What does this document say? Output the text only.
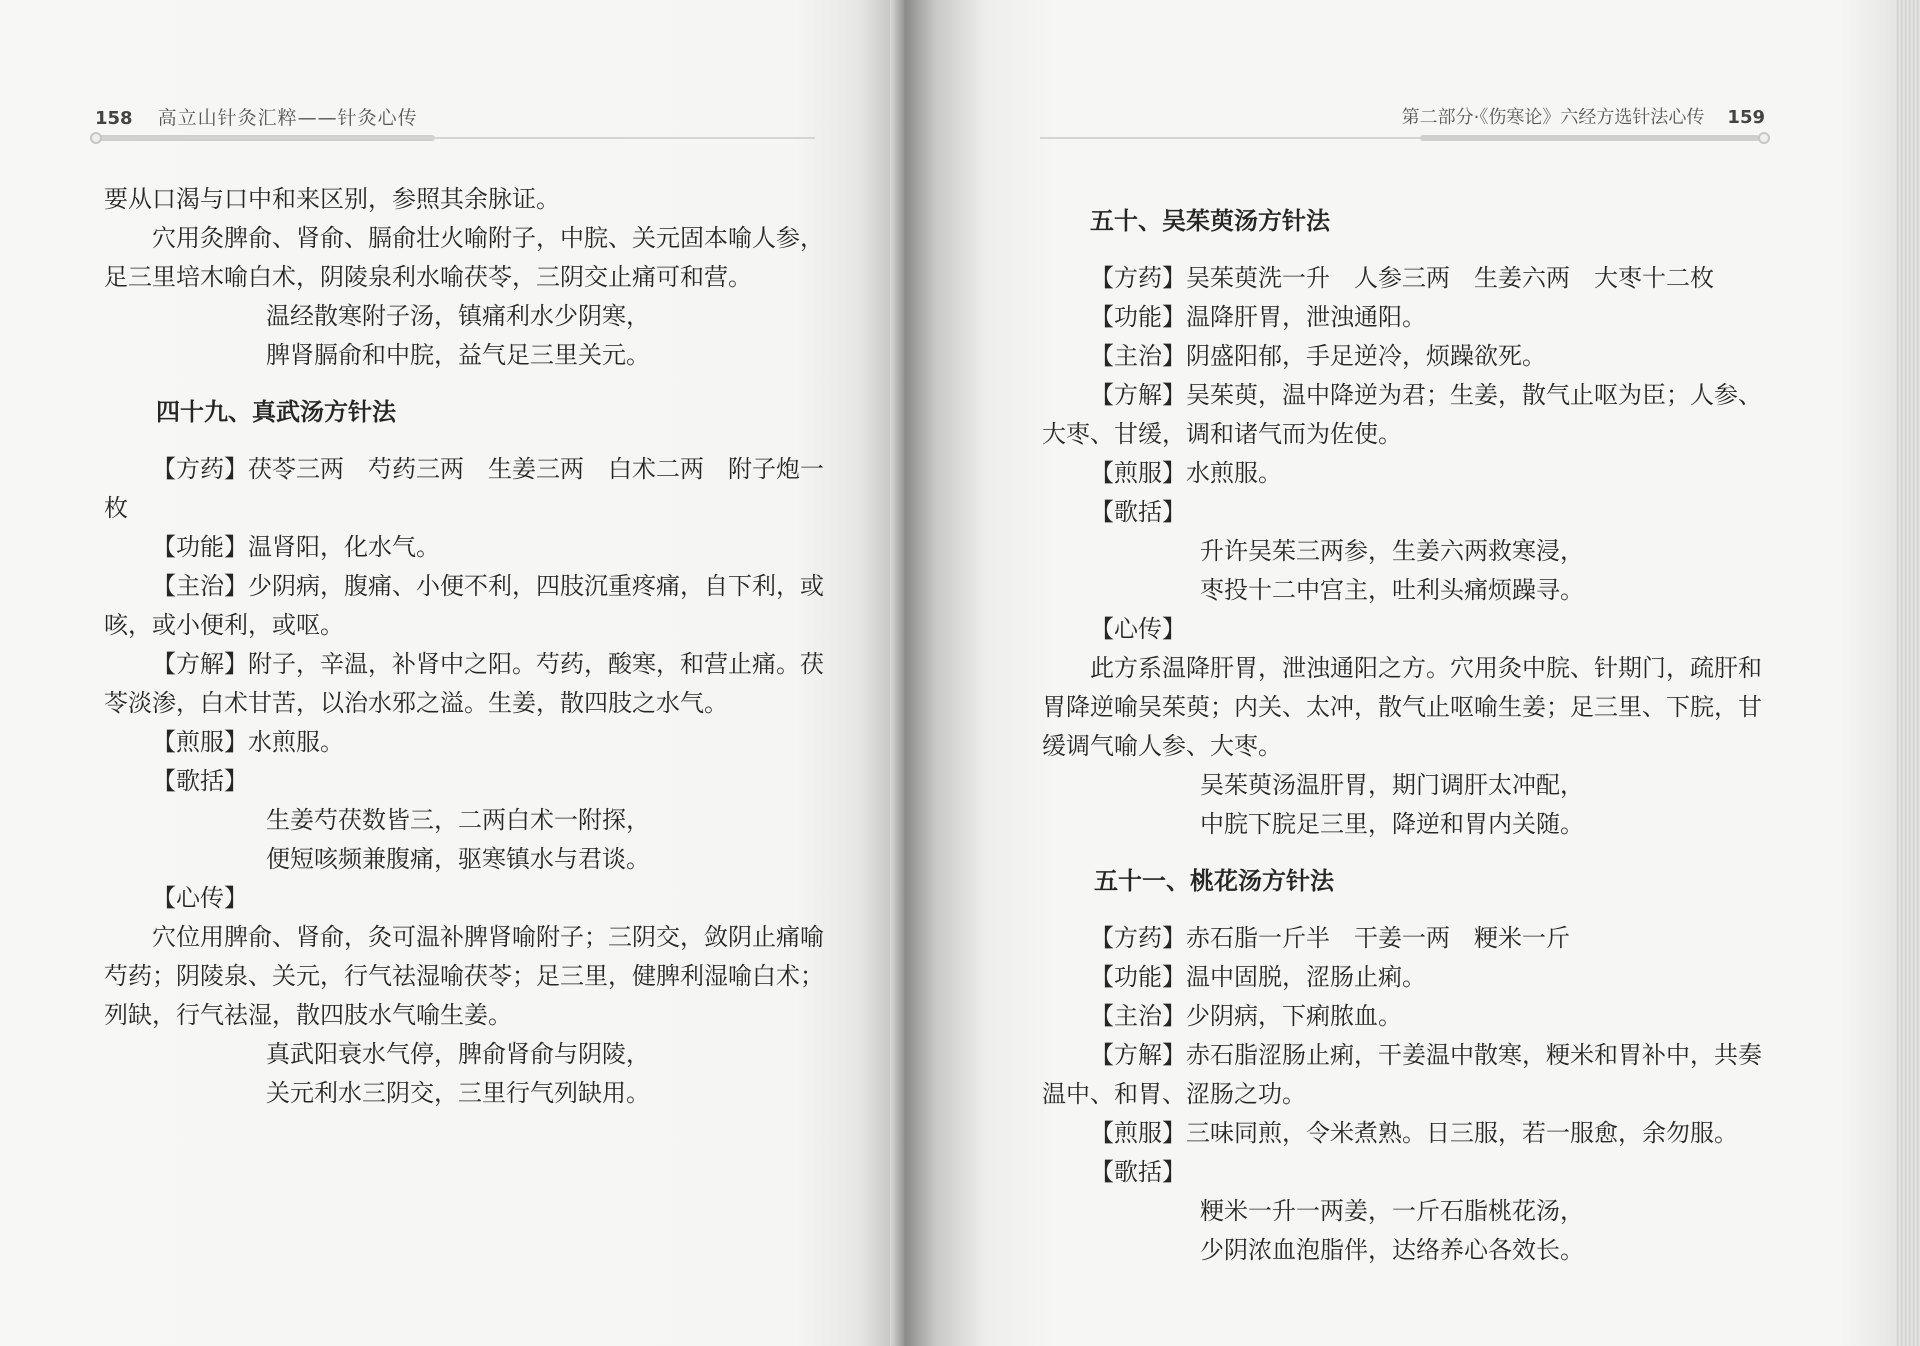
158 高立山针灸汇粹——针灸心传

要从口渴与口中和来区别，参照其余脉证。

穴用灸脾俞、肾俞、膈俞壮火喻附子，中脘、关元固本喻人参，足三里培木喻白术，阴陵泉利水喻茯苓，三阴交止痛可和营。

温经散寒附子汤，镇痛利水少阴寒，

脾肾膈俞和中脘，益气足三里关元。

四十九、真武汤方针法

【方药】茯苓三两　芍药三两　生姜三两　白术二两　附子炮一枚

【功能】温肾阳，化水气。

【主治】少阴病，腹痛、小便不利，四肢沉重疼痛，自下利，或咳，或小便利，或呕。

【方解】附子，辛温，补肾中之阳。芍药，酸寒，和营止痛。茯苓淡渗，白术甘苦，以治水邪之溢。生姜，散四肢之水气。

【煎服】水煎服。

【歌括】

生姜芍茯数皆三，二两白术一附探，

便短咳频兼腹痛，驱寒镇水与君谈。

【心传】

穴位用脾俞、肾俞，灸可温补脾肾喻附子；三阴交，敛阴止痛喻芍药；阴陵泉、关元，行气祛湿喻茯苓；足三里，健脾利湿喻白术；列缺，行气祛湿，散四肢水气喻生姜。

真武阳衰水气停，脾俞肾俞与阴陵，

关元利水三阴交，三里行气列缺用。

第二部分·《伤寒论》六经方选针法心传 159

五十、吴茱萸汤方针法

【方药】吴茱萸洗一升　人参三两　生姜六两　大枣十二枚

【功能】温降肝胃，泄浊通阳。

【主治】阴盛阳郁，手足逆冷，烦躁欲死。

【方解】吴茱萸，温中降逆为君；生姜，散气止呕为臣；人参、大枣、甘缓，调和诸气而为佐使。

【煎服】水煎服。

【歌括】

升许吴茱三两参，生姜六两救寒浸，

枣投十二中宫主，吐利头痛烦躁寻。

【心传】

此方系温降肝胃，泄浊通阳之方。穴用灸中脘、针期门，疏肝和胃降逆喻吴茱萸；内关、太冲，散气止呕喻生姜；足三里、下脘，甘缓调气喻人参、大枣。

吴茱萸汤温肝胃，期门调肝太冲配，

中脘下脘足三里，降逆和胃内关随。

五十一、桃花汤方针法

【方药】赤石脂一斤半　干姜一两　粳米一斤

【功能】温中固脱，涩肠止痢。

【主治】少阴病，下痢脓血。

【方解】赤石脂涩肠止痢，干姜温中散寒，粳米和胃补中，共奏温中、和胃、涩肠之功。

【煎服】三味同煎，令米煮熟。日三服，若一服愈，余勿服。

【歌括】

粳米一升一两姜，一斤石脂桃花汤，

少阴浓血泡脂伴，达络养心各效长。
